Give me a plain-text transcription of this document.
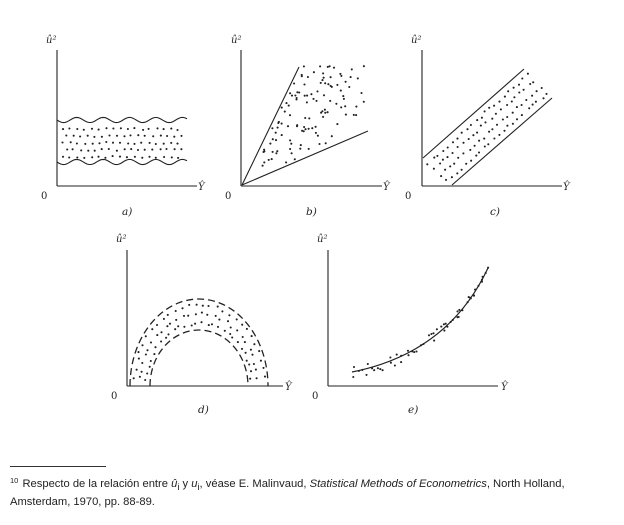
û²
Ŷ
0
a)
û²
Ŷ
0
b)
û²
Ŷ
0
c)
û²
Ŷ
0
d)
û²
Ŷ
0
e)
$^{10}$ Respecto de la relación entre $û_i$ y $u_i$, véase E. Malinvaud, Statistical Methods of Econometrics, North Holland, Amsterdam, 1970, pp. 88-89.
